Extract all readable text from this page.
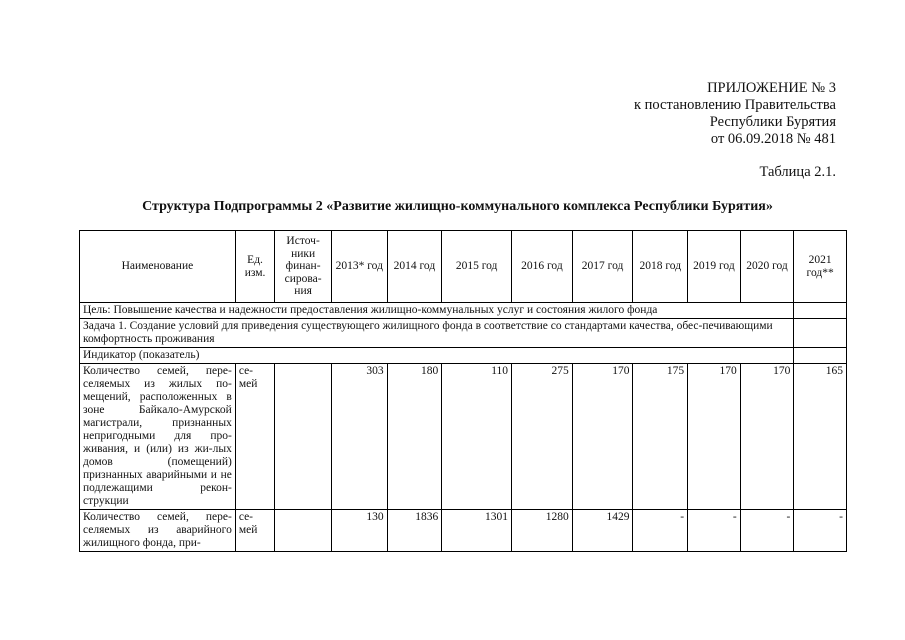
ПРИЛОЖЕНИЕ № 3
к постановлению Правительства
Республики Бурятия
от 06.09.2018 № 481
Таблица 2.1.
Структура Подпрограммы 2 «Развитие жилищно-коммунального комплекса Республики Бурятия»
Наименование	Ед. изм.	Источ-ники финан-сирова-ния	2013* год	2014 год	2015 год	2016 год	2017 год	2018 год	2019 год	2020 год	2021 год**
Цель: Повышение качества и надежности предоставления жилищно-коммунальных услуг и состояния жилого фонда											
Задача 1. Создание условий для приведения существующего жилищного фонда в соответствие со стандартами качества, обес-печивающими комфортность проживания											
Индикатор (показатель)											
Количество семей, пере-селяемых из жилых по-мещений, расположенных в зоне Байкало-Амурской магистрали, признанных непригодными для про-живания, и (или) из жи-лых домов (помещений) признанных аварийными и не подлежащими рекон-струкции	се-мей		303	180	110	275	170	175	170	170	165
Количество семей, пере-селяемых из аварийного жилищного фонда, при-	се-мей		130	1836	1301	1280	1429	-	-	-	-
